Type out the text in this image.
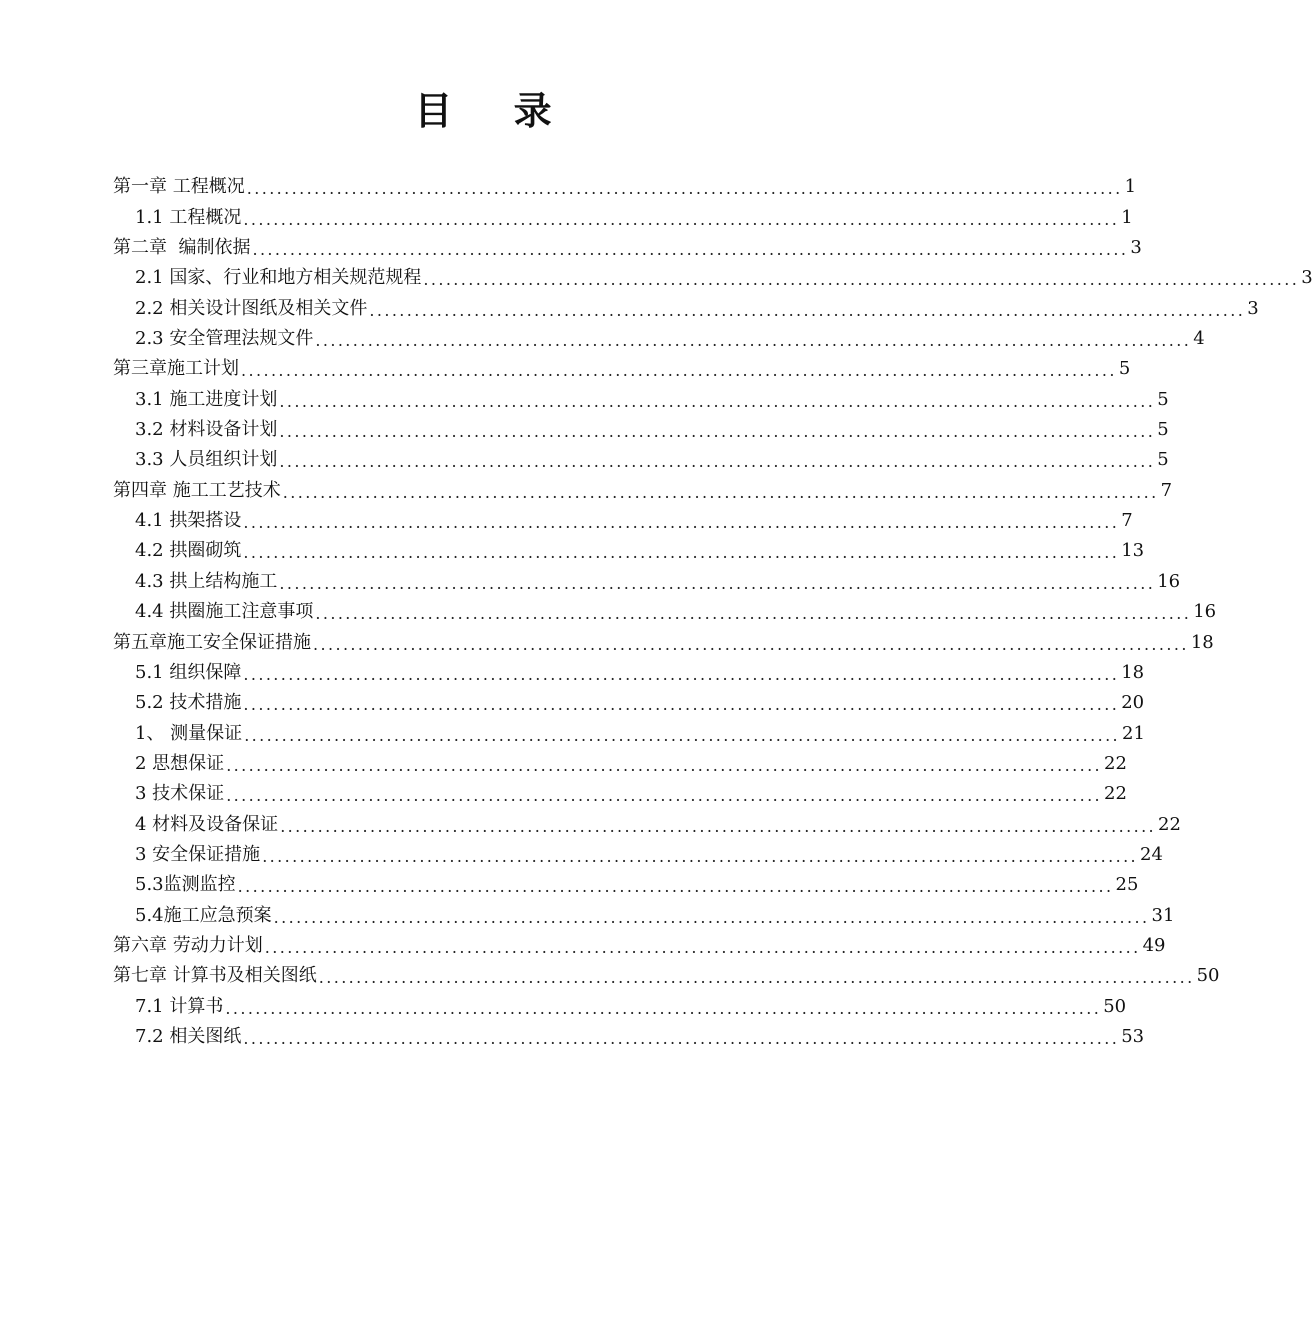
目 录
第一章 工程概况 ..................................................................................................................... 1
1.1 工程概况 ..................................................................................................................... 1
第二章  编制依据 ..................................................................................................................... 3
2.1 国家、行业和地方相关规范规程 ..................................................................................................................... 3
2.2 相关设计图纸及相关文件 ..................................................................................................................... 3
2.3 安全管理法规文件 ..................................................................................................................... 4
第三章施工计划 ..................................................................................................................... 5
3.1 施工进度计划 ..................................................................................................................... 5
3.2 材料设备计划 ..................................................................................................................... 5
3.3 人员组织计划 ..................................................................................................................... 5
第四章 施工工艺技术 ..................................................................................................................... 7
4.1 拱架搭设 ..................................................................................................................... 7
4.2 拱圈砌筑 ..................................................................................................................... 13
4.3 拱上结构施工 ..................................................................................................................... 16
4.4 拱圈施工注意事项 ..................................................................................................................... 16
第五章施工安全保证措施 ..................................................................................................................... 18
5.1 组织保障 ..................................................................................................................... 18
5.2 技术措施 ..................................................................................................................... 20
1、 测量保证 ..................................................................................................................... 21
2 思想保证 ..................................................................................................................... 22
3 技术保证 ..................................................................................................................... 22
4 材料及设备保证 ..................................................................................................................... 22
3 安全保证措施 ..................................................................................................................... 24
5.3监测监控 ..................................................................................................................... 25
5.4施工应急预案 ..................................................................................................................... 31
第六章 劳动力计划 ..................................................................................................................... 49
第七章 计算书及相关图纸 ..................................................................................................................... 50
7.1 计算书 ..................................................................................................................... 50
7.2 相关图纸 ..................................................................................................................... 53
